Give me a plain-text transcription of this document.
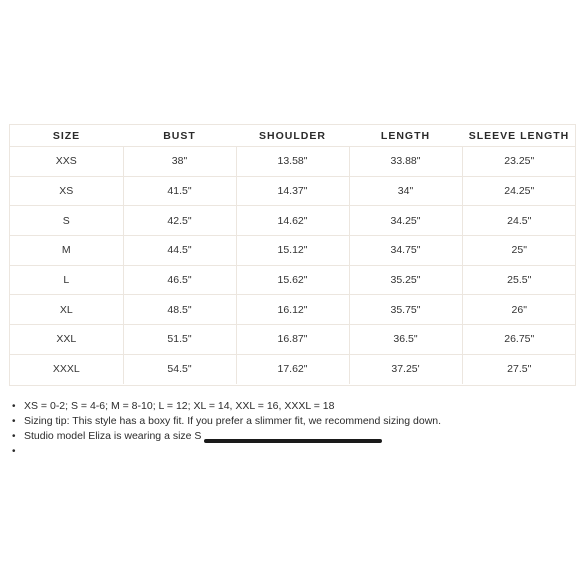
SIZE	BUST	SHOULDER	LENGTH	SLEEVE LENGTH
XXS	38"	13.58"	33.88"	23.25"
XS	41.5"	14.37"	34"	24.25"
S	42.5"	14.62"	34.25"	24.5"
M	44.5"	15.12"	34.75"	25"
L	46.5"	15.62"	35.25"	25.5"
XL	48.5"	16.12"	35.75"	26"
XXL	51.5"	16.87"	36.5"	26.75"
XXXL	54.5"	17.62"	37.25'	27.5"
• XS = 0-2; S = 4-6; M = 8-10; L = 12; XL = 14, XXL = 16, XXXL = 18
• Sizing tip: This style has a boxy fit. If you prefer a slimmer fit, we recommend sizing down.
• Studio model Eliza is wearing a size S
•
